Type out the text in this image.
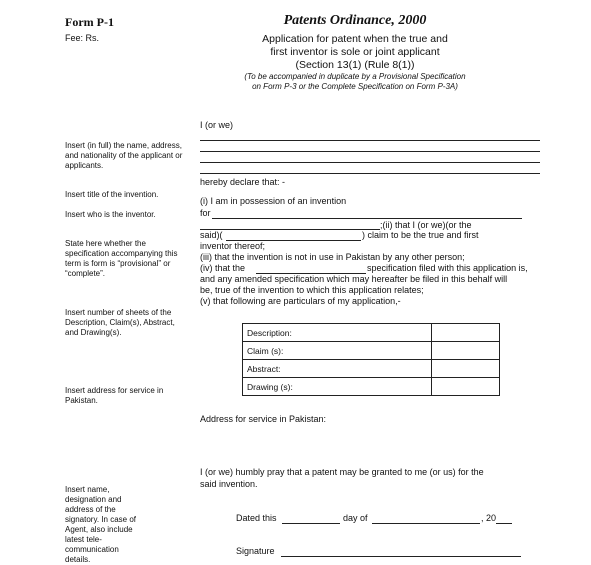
Form P-1
Fee: Rs.
Patents Ordinance, 2000
Application for patent when the true and
first inventor is sole or joint applicant
(Section 13(1) (Rule 8(1))
(To be accompanied in duplicate by a Provisional Specification
on Form P-3 or the Complete Specification on Form P-3A)
Insert (in full) the name, address, and nationality of the applicant or applicants.
Insert title of the invention.
Insert who is the inventor.
State here whether the specification accompanying this term is form is “provisional” or “complete”.
Insert number of sheets of the Description, Claim(s), Abstract, and Drawing(s).
Insert address for service in Pakistan.
Insert name, designation and address of the signatory. In case of Agent, also include latest tele-communication details.
I (or we)
hereby declare that: -
(i) I am in possession of an invention
for
;(ii) that I (or we)(or the
said)(	) claim to be the true and first
inventor thereof;
(iii) that the invention is not in use in Pakistan by any other person;
(iv) that the	specification filed with this application is,
and any amended specification which may hereafter be filed in this behalf will
be, true of the invention to which this application relates;
(v) that following are particulars of my application,-
Description:	
Claim (s):	
Abstract:	
Drawing (s):	
Address for service in Pakistan:
I (or we) humbly pray that a patent may be granted to me (or us) for the
said invention.
Dated this	day of	, 20
Signature
